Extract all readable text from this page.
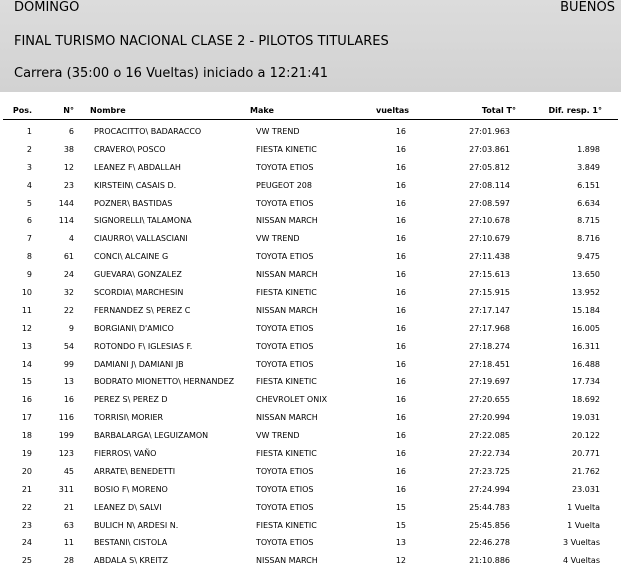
DOMINGO	BUENOS
FINAL TURISMO NACIONAL CLASE 2 - PILOTOS TITULARES
Carrera (35:00 o 16 Vueltas) iniciado a 12:21:41
Pos.	N° Nombre	Make	vueltas	Total T°	Dif. resp. 1°
1	6	PROCACITTO\ BADARACCO	VW TREND	16	27:01.963
2	38	CRAVERO\ POSCO	FIESTA KINETIC	16	27:03.861	1.898
3	12	LEANEZ F\ ABDALLAH	TOYOTA ETIOS	16	27:05.812	3.849
4	23	KIRSTEIN\ CASAIS D.	PEUGEOT 208	16	27:08.114	6.151
5	144	POZNER\ BASTIDAS	TOYOTA ETIOS	16	27:08.597	6.634
6	114	SIGNORELLI\ TALAMONA	NISSAN MARCH	16	27:10.678	8.715
7	4	CIAURRO\ VALLASCIANI	VW TREND	16	27:10.679	8.716
8	61	CONCI\ ALCAINE G	TOYOTA ETIOS	16	27:11.438	9.475
9	24	GUEVARA\ GONZALEZ	NISSAN MARCH	16	27:15.613	13.650
10	32	SCORDIA\ MARCHESIN	FIESTA KINETIC	16	27:15.915	13.952
11	22	FERNANDEZ S\ PEREZ C	NISSAN MARCH	16	27:17.147	15.184
12	9	BORGIANI\ D'AMICO	TOYOTA ETIOS	16	27:17.968	16.005
13	54	ROTONDO F\ IGLESIAS F.	TOYOTA ETIOS	16	27:18.274	16.311
14	99	DAMIANI J\ DAMIANI JB	TOYOTA ETIOS	16	27:18.451	16.488
15	13	BODRATO MIONETTO\ HERNANDEZ	FIESTA KINETIC	16	27:19.697	17.734
16	16	PEREZ S\ PEREZ D	CHEVROLET ONIX	16	27:20.655	18.692
17	116	TORRISI\ MORIER	NISSAN MARCH	16	27:20.994	19.031
18	199	BARBALARGA\ LEGUIZAMON	VW TREND	16	27:22.085	20.122
19	123	FIERROS\ VAÑO	FIESTA KINETIC	16	27:22.734	20.771
20	45	ARRATE\ BENEDETTI	TOYOTA ETIOS	16	27:23.725	21.762
21	311	BOSIO F\ MORENO	TOYOTA ETIOS	16	27:24.994	23.031
22	21	LEANEZ D\ SALVI	TOYOTA ETIOS	15	25:44.783	1 Vuelta
23	63	BULICH N\ ARDESI N.	FIESTA KINETIC	15	25:45.856	1 Vuelta
24	11	BESTANI\ CISTOLA	TOYOTA ETIOS	13	22:46.278	3 Vueltas
25	28	ABDALA S\ KREITZ	NISSAN MARCH	12	21:10.886	4 Vueltas
